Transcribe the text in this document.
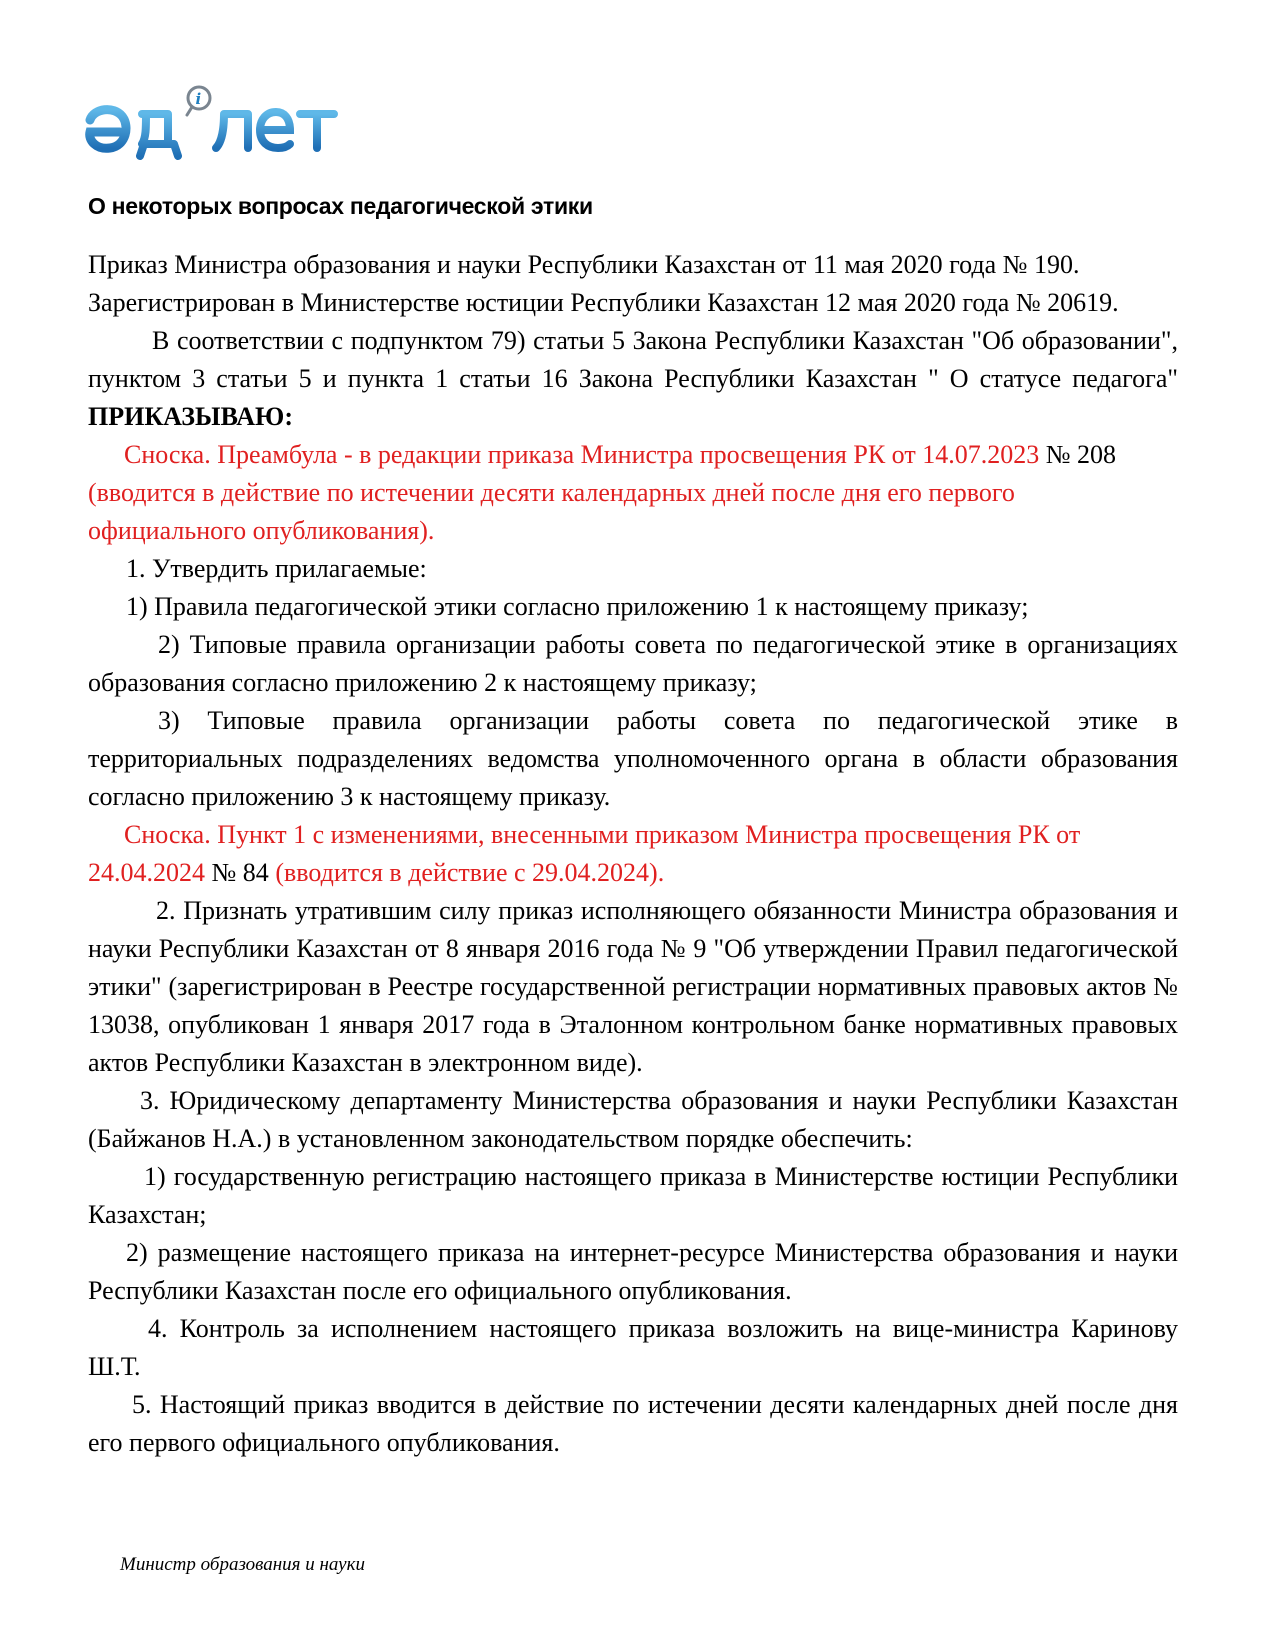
i
О некоторых вопросах педагогической этики

Приказ Министра образования и науки Республики Казахстан от 11 мая 2020 года № 190. Зарегистрирован в Министерстве юстиции Республики Казахстан 12 мая 2020 года № 20619.

В соответствии с подпунктом 79) статьи 5 Закона Республики Казахстан "Об образовании", пунктом 3 статьи 5 и пункта 1 статьи 16 Закона Республики Казахстан " О статусе педагога" ПРИКАЗЫВАЮ:

Сноска. Преамбула - в редакции приказа Министра просвещения РК от 14.07.2023 № 208 (вводится в действие по истечении десяти календарных дней после дня его первого официального опубликования).

1. Утвердить прилагаемые:

1) Правила педагогической этики согласно приложению 1 к настоящему приказу;

2) Типовые правила организации работы совета по педагогической этике в организациях образования согласно приложению 2 к настоящему приказу;

3) Типовые правила организации работы совета по педагогической этике в территориальных подразделениях ведомства уполномоченного органа в области образования согласно приложению 3 к настоящему приказу.

Сноска. Пункт 1 с изменениями, внесенными приказом Министра просвещения РК от 24.04.2024 № 84 (вводится в действие с 29.04.2024).

2. Признать утратившим силу приказ исполняющего обязанности Министра образования и науки Республики Казахстан от 8 января 2016 года № 9 "Об утверждении Правил педагогической этики" (зарегистрирован в Реестре государственной регистрации нормативных правовых актов № 13038, опубликован 1 января 2017 года в Эталонном контрольном банке нормативных правовых актов Республики Казахстан в электронном виде).

3. Юридическому департаменту Министерства образования и науки Республики Казахстан (Байжанов Н.А.) в установленном законодательством порядке обеспечить:

1) государственную регистрацию настоящего приказа в Министерстве юстиции Республики Казахстан;

2) размещение настоящего приказа на интернет-ресурсе Министерства образования и науки Республики Казахстан после его официального опубликования.

4. Контроль за исполнением настоящего приказа возложить на вице-министра Каринову Ш.Т.

5. Настоящий приказ вводится в действие по истечении десяти календарных дней после дня его первого официального опубликования.

Министр образования и науки
